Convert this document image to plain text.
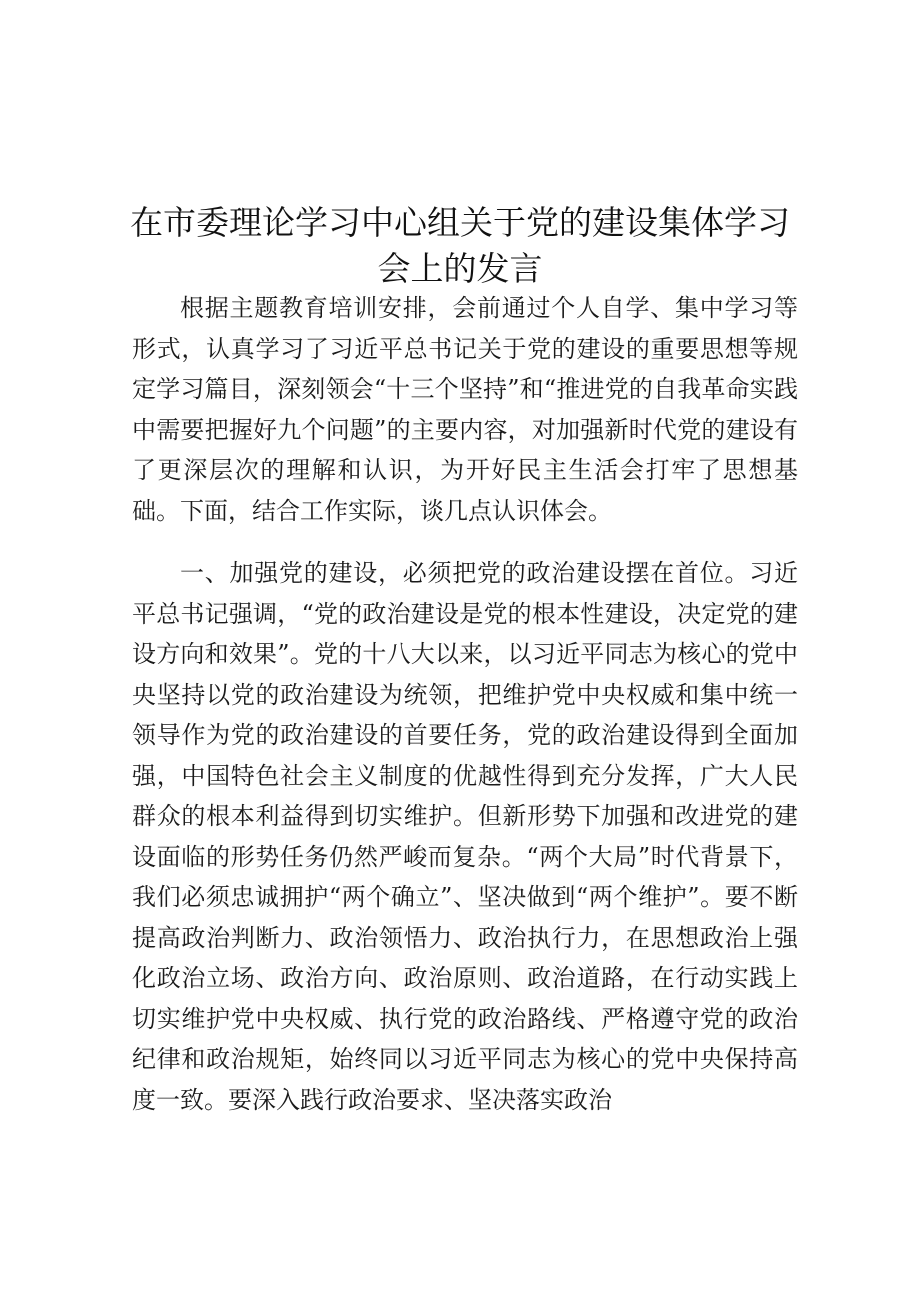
在市委理论学习中心组关于党的建设集体学习
会上的发言

根据主题教育培训安排，会前通过个人自学、集中学习等形式，认真学习了习近平总书记关于党的建设的重要思想等规定学习篇目，深刻领会“十三个坚持”和“推进党的自我革命实践中需要把握好九个问题”的主要内容，对加强新时代党的建设有了更深层次的理解和认识，为开好民主生活会打牢了思想基础。下面，结合工作实际，谈几点认识体会。

一、加强党的建设，必须把党的政治建设摆在首位。习近平总书记强调，“党的政治建设是党的根本性建设，决定党的建设方向和效果”。党的十八大以来，以习近平同志为核心的党中央坚持以党的政治建设为统领，把维护党中央权威和集中统一领导作为党的政治建设的首要任务，党的政治建设得到全面加强，中国特色社会主义制度的优越性得到充分发挥，广大人民群众的根本利益得到切实维护。但新形势下加强和改进党的建设面临的形势任务仍然严峻而复杂。“两个大局”时代背景下，我们必须忠诚拥护“两个确立”、坚决做到“两个维护”。要不断提高政治判断力、政治领悟力、政治执行力，在思想政治上强化政治立场、政治方向、政治原则、政治道路，在行动实践上切实维护党中央权威、执行党的政治路线、严格遵守党的政治纪律和政治规矩，始终同以习近平同志为核心的党中央保持高度一致。要深入践行政治要求、坚决落实政治
